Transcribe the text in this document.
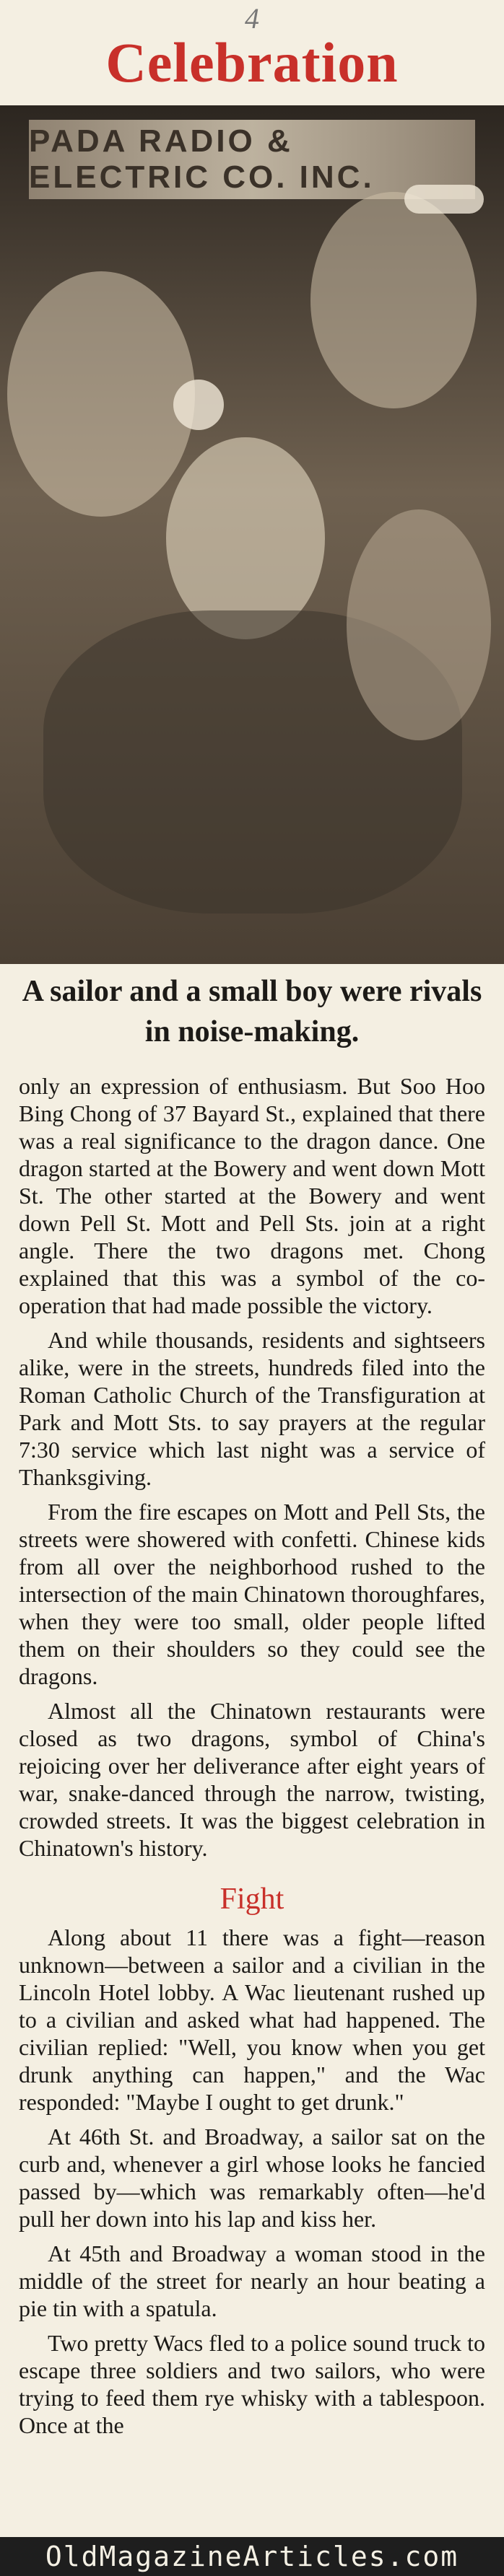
4
Celebration
PADA RADIO & ELECTRIC CO. INC.
A sailor and a small boy were rivals
in noise-making.

only an expression of enthusiasm. But Soo Hoo Bing Chong of 37 Bayard St., explained that there was a real significance to the dragon dance. One dragon started at the Bowery and went down Mott St. The other started at the Bowery and went down Pell St. Mott and Pell Sts. join at a right angle. There the two dragons met. Chong explained that this was a symbol of the co-operation that had made possible the victory.

And while thousands, residents and sightseers alike, were in the streets, hundreds filed into the Roman Catholic Church of the Transfiguration at Park and Mott Sts. to say prayers at the regular 7:30 service which last night was a service of Thanksgiving.

From the fire escapes on Mott and Pell Sts, the streets were showered with confetti. Chinese kids from all over the neighborhood rushed to the intersection of the main Chinatown thoroughfares, when they were too small, older people lifted them on their shoulders so they could see the dragons.

Almost all the Chinatown restaurants were closed as two dragons, symbol of China's rejoicing over her deliverance after eight years of war, snake-danced through the narrow, twisting, crowded streets. It was the biggest celebration in Chinatown's history.

Fight

Along about 11 there was a fight—reason unknown—between a sailor and a civilian in the Lincoln Hotel lobby. A Wac lieutenant rushed up to a civilian and asked what had happened. The civilian replied: "Well, you know when you get drunk anything can happen," and the Wac responded: "Maybe I ought to get drunk."

At 46th St. and Broadway, a sailor sat on the curb and, whenever a girl whose looks he fancied passed by—which was remarkably often—he'd pull her down into his lap and kiss her.

At 45th and Broadway a woman stood in the middle of the street for nearly an hour beating a pie tin with a spatula.

Two pretty Wacs fled to a police sound truck to escape three soldiers and two sailors, who were trying to feed them rye whisky with a tablespoon. Once at the

OldMagazineArticles.com
